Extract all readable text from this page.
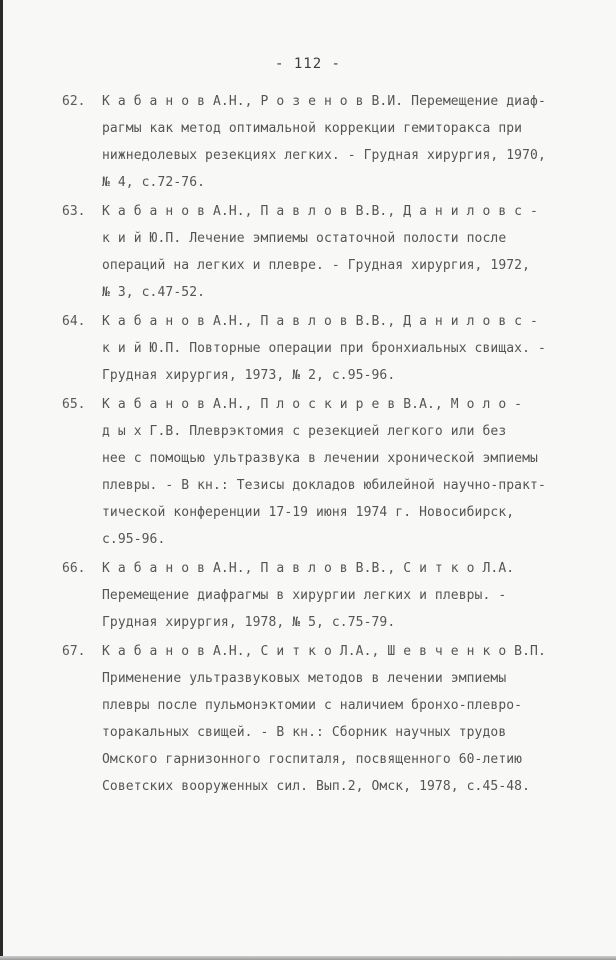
- 112 -
62. К а б а н о в А.Н., Р о з е н о в В.И. Перемещение диаф-
рагмы как метод оптимальной коррекции гемиторакса при
нижнедолевых резекциях легких. - Грудная хирургия, 1970,
№ 4, с.72-76.
63. К а б а н о в А.Н., П а в л о в В.В., Д а н и л о в с -
к и й Ю.П. Лечение эмпиемы остаточной полости после
операций на легких и плевре. - Грудная хирургия, 1972,
№ 3, с.47-52.
64. К а б а н о в А.Н., П а в л о в В.В., Д а н и л о в с -
к и й Ю.П. Повторные операции при бронхиальных свищах. -
Грудная хирургия, 1973, № 2, с.95-96.
65. К а б а н о в А.Н., П л о с к и р е в В.А., М о л о -
д ы х Г.В. Плеврэктомия с резекцией легкого или без
нее с помощью ультразвука в лечении хронической эмпиемы
плевры. - В кн.: Тезисы докладов юбилейной научно-практ-
тической конференции 17-19 июня 1974 г. Новосибирск,
с.95-96.
66. К а б а н о в А.Н., П а в л о в В.В., С и т к о Л.А.
Перемещение диафрагмы в хирургии легких и плевры. -
Грудная хирургия, 1978, № 5, с.75-79.
67. К а б а н о в А.Н., С и т к о Л.А., Ш е в ч е н к о В.П.
Применение ультразвуковых методов в лечении эмпиемы
плевры после пульмонэктомии с наличием бронхо-плевро-
торакальных свищей. - В кн.: Сборник научных трудов
Омского гарнизонного госпиталя, посвященного 60-летию
Советских вооруженных сил. Вып.2, Омск, 1978, с.45-48.
